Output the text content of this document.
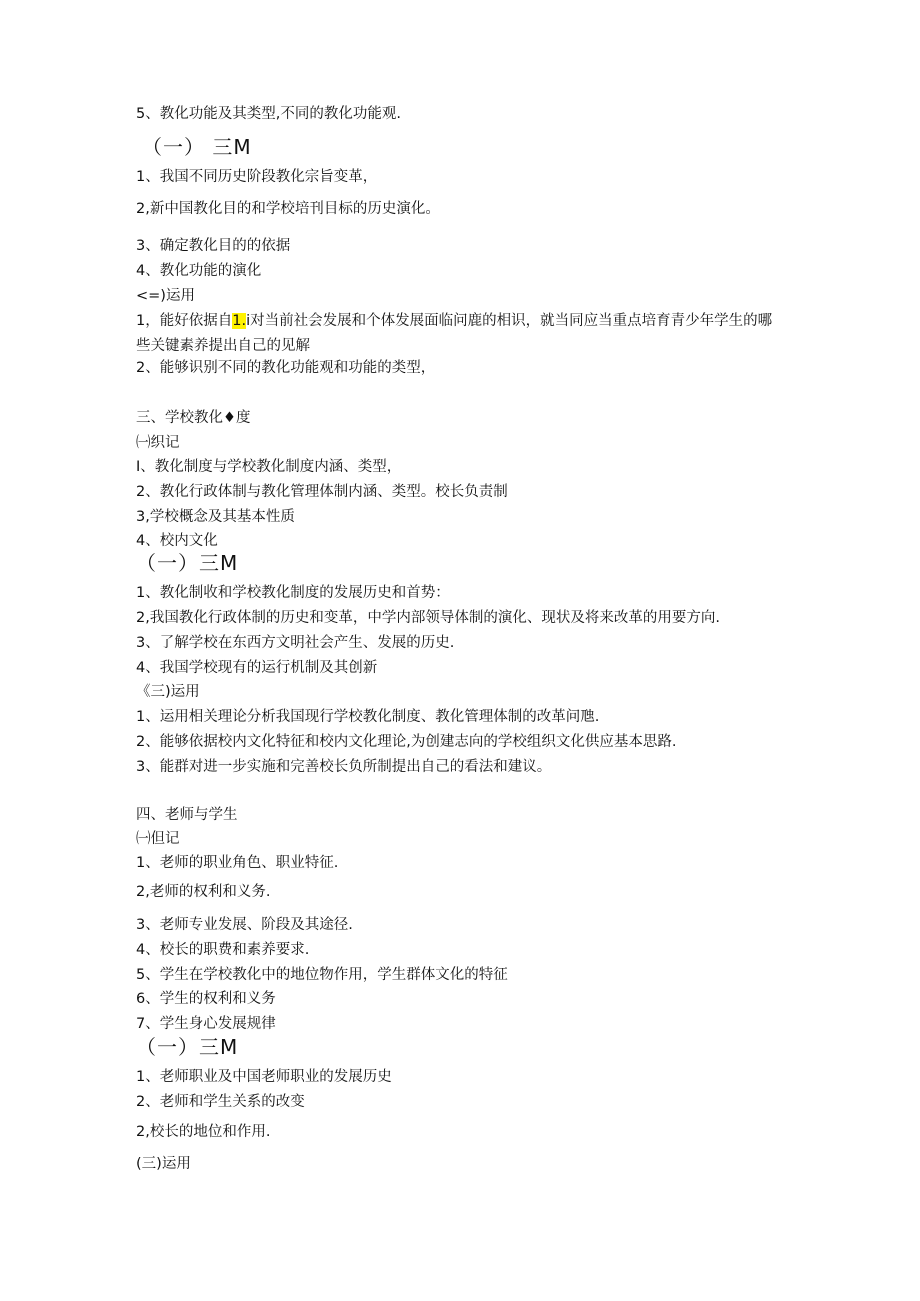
5、教化功能及其类型,不同的教化功能观.
（一） 三M
1、我国不同历史阶段教化宗旨变革，
2,新中国教化目的和学校培刊目标的历史演化。
3、确定教化目的的依据
4、教化功能的演化
<=)运用
1，能好依据自1.i对当前社会发展和个体发展面临问鹿的相识，就当同应当重点培育青少年学生的哪些关键素养提出自己的见解
2、能够识别不同的教化功能观和功能的类型，
三、学校教化♦度
㈠织记
I、教化制度与学校教化制度内涵、类型，
2、教化行政体制与教化管理体制内涵、类型。校长负责制
3,学校概念及其基本性质
4、校内文化
（一）三M
1、教化制收和学校教化制度的发展历史和首势：
2,我国教化行政体制的历史和变革，中学内部领导体制的演化、现状及将来改革的用要方向.
3、了解学校在东西方文明社会产生、发展的历史.
4、我国学校现有的运行机制及其创新
《三)运用
1、运用相关理论分析我国现行学校教化制度、教化管理体制的改革问虺.
2、能够依据校内文化特征和校内文化理论,为创建志向的学校组织文化供应基本思路.
3、能群对进一步实施和完善校长负所制提出自己的看法和建议。
四、老师与学生
㈠但记
1、老师的职业角色、职业特征.
2,老师的权利和义务.
3、老师专业发展、阶段及其途径.
4、校长的职费和素养要求.
5、学生在学校教化中的地位物作用，学生群体文化的特征
6、学生的权利和义务
7、学生身心发展规律
（一）三M
1、老师职业及中国老师职业的发展历史
2、老师和学生关系的改变
2,校长的地位和作用.
(三)运用
